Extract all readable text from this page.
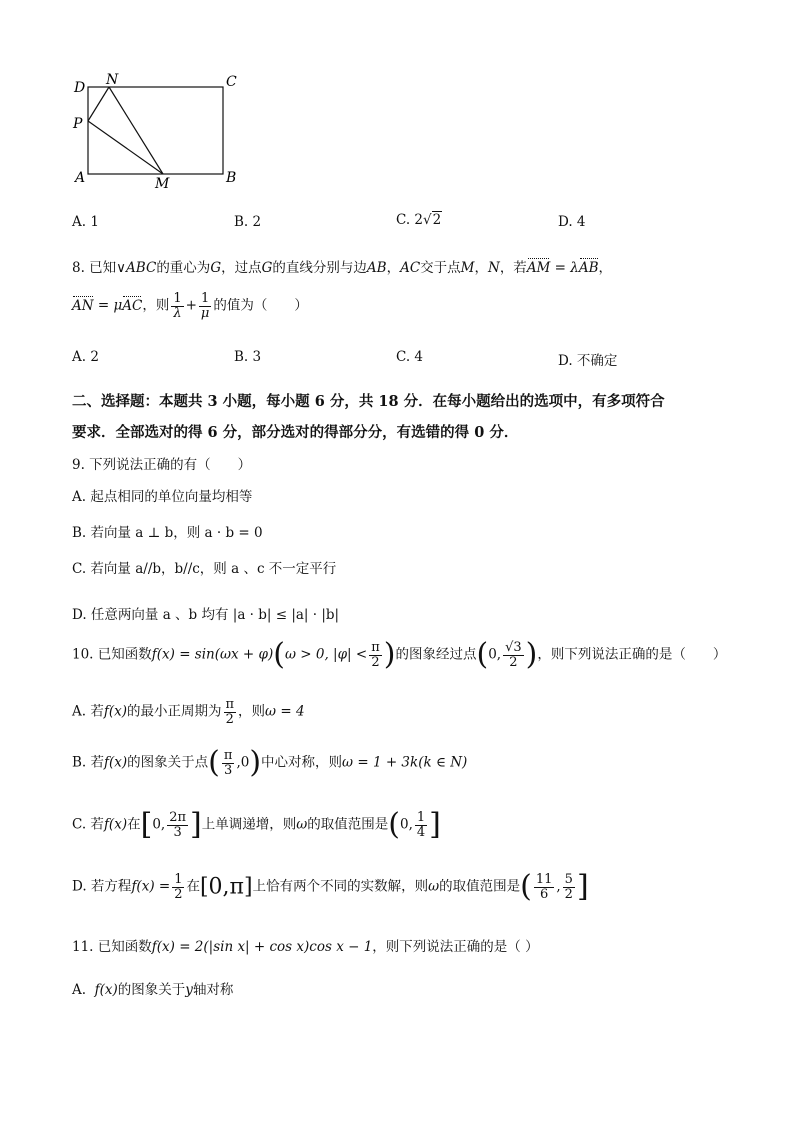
D N	C
P
A	M	B
A. 1	B. 2	C. 2√2	D. 4
8. 已知∨ABC的重心为G，过点G的直线分别与边AB，AC交于点M，N，若AM = λAB，
AN = μAC，则 $\frac{1}{\lambda} + \frac{1}{\mu}$ 的值为（　　）
A. 2	B. 3	C. 4	D. 不确定
二、选择题：本题共 3 小题，每小题 6 分，共 18 分．在每小题给出的选项中，有多项符合
要求．全部选对的得 6 分，部分选对的得部分分，有选错的得 0 分．
9. 下列说法正确的有（　　）
A. 起点相同的单位向量均相等
B. 若向量 a ⊥ b，则 a · b = 0
C. 若向量 a//b，b//c，则 a 、c 不一定平行
D. 任意两向量 a 、b 均有 |a · b| ≤ |a| · |b|
10. 已知函数f(x) = sin(ωx + φ)(ω > 0, $|\varphi| < \frac{\pi}{2}$ )的图象经过点(0, $\frac{√3}{2}$ )，则下列说法正确的是（　　）
A. 若f(x)的最小正周期为 $\frac{\pi}{2}$ ，则ω = 4
B. 若f(x)的图象关于点( $\frac{\pi}{3} ,0$)中心对称，则ω = 1 + 3k(k ∈ N)
C. 若f(x)在[0, $\frac{2\pi}{3}$ ]上单调递增，则ω的取值范围是(0, $\frac{1}{4}$ ]
D. 若方程$f(x) = \frac{1}{2}$ 在[0,π]上恰有两个不同的实数解，则ω的取值范围是( $\frac{11}{6}$ , $\frac{5}{2}$ ]
11. 已知函数f(x) = 2(|sin x| + cos x)cos x − 1，则下列说法正确的是（ ）
A. f(x)的图象关于y轴对称
